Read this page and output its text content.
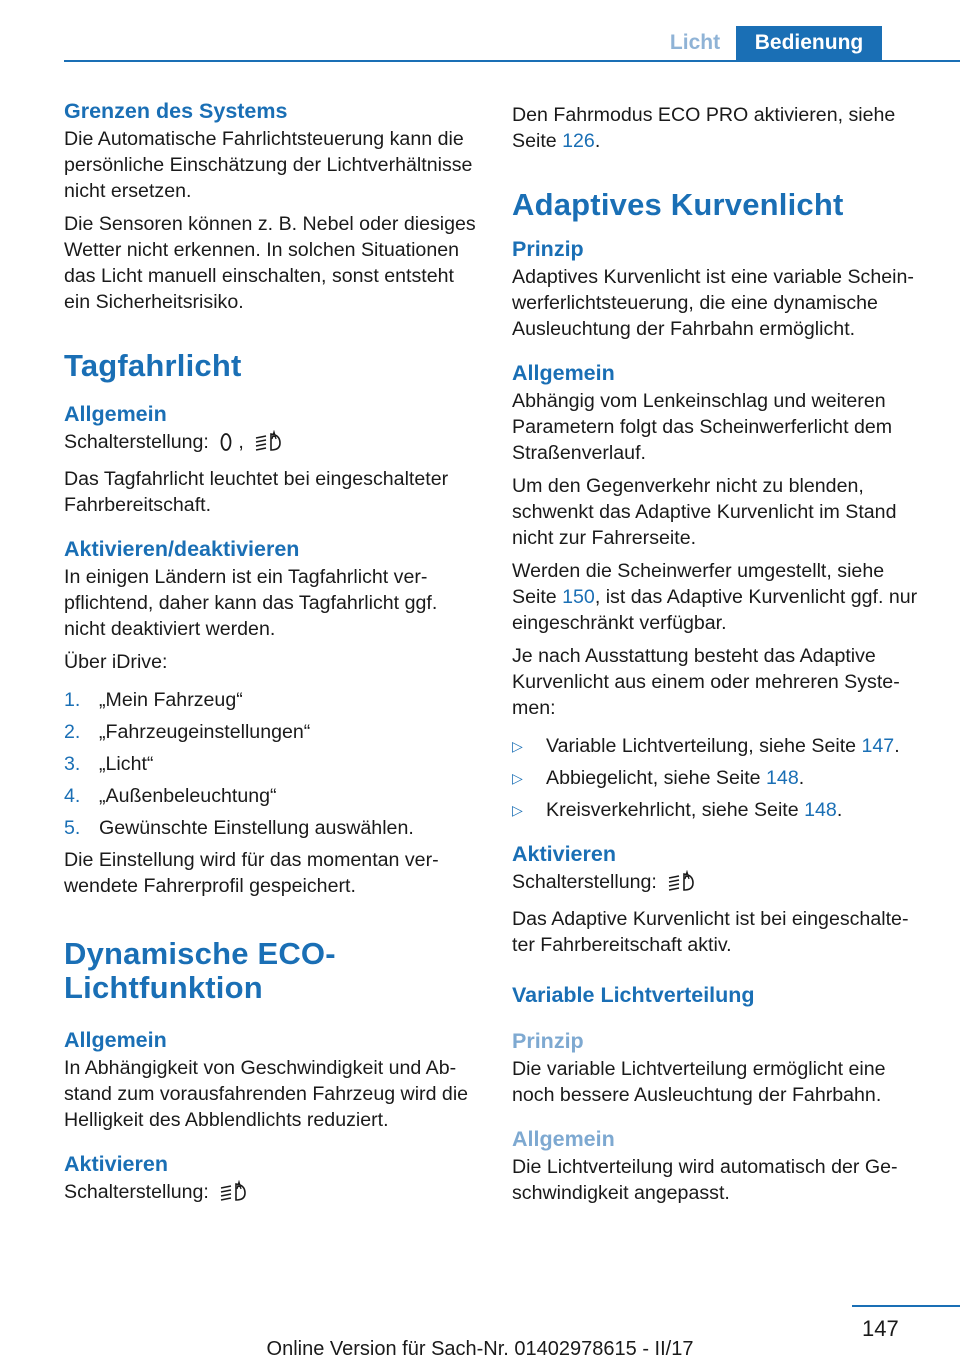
Licht	Bedienung
Grenzen des Systems

Die Automatische Fahrlichtsteuerung kann die persönliche Einschätzung der Lichtverhältnisse nicht ersetzen.

Die Sensoren können z. B. Nebel oder diesiges Wetter nicht erkennen. In solchen Situationen das Licht manuell einschalten, sonst entsteht ein Sicherheitsrisiko.

Tagfahrlicht
Allgemein

Schalterstellung: ,

Das Tagfahrlicht leuchtet bei eingeschalteter Fahrbereitschaft.

Aktivieren/deaktivieren

In einigen Ländern ist ein Tagfahrlicht verpflichtend, daher kann das Tagfahrlicht ggf. nicht deaktiviert werden.

Über iDrive:

1. „Mein Fahrzeug“
2. „Fahrzeugeinstellungen“
3. „Licht“
4. „Außenbeleuchtung“
5. Gewünschte Einstellung auswählen.

Die Einstellung wird für das momentan verwendete Fahrerprofil gespeichert.

Dynamische ECO-Lichtfunktion
Allgemein

In Abhängigkeit von Geschwindigkeit und Abstand zum vorausfahrenden Fahrzeug wird die Helligkeit des Abblendlichts reduziert.

Aktivieren

Schalterstellung:

Den Fahrmodus ECO PRO aktivieren, siehe Seite 126.

Adaptives Kurvenlicht
Prinzip

Adaptives Kurvenlicht ist eine variable Scheinwerferlichtsteuerung, die eine dynamische Ausleuchtung der Fahrbahn ermöglicht.

Allgemein

Abhängig vom Lenkeinschlag und weiteren Parametern folgt das Scheinwerferlicht dem Straßenverlauf.

Um den Gegenverkehr nicht zu blenden, schwenkt das Adaptive Kurvenlicht im Stand nicht zur Fahrerseite.

Werden die Scheinwerfer umgestellt, siehe Seite 150, ist das Adaptive Kurvenlicht ggf. nur eingeschränkt verfügbar.

Je nach Ausstattung besteht das Adaptive Kurvenlicht aus einem oder mehreren Systemen:

▷	Variable Lichtverteilung, siehe Seite 147.
▷	Abbiegelicht, siehe Seite 148.
▷	Kreisverkehrlicht, siehe Seite 148.
Aktivieren

Schalterstellung:

Das Adaptive Kurvenlicht ist bei eingeschalteter Fahrbereitschaft aktiv.

Variable Lichtverteilung
Prinzip

Die variable Lichtverteilung ermöglicht eine noch bessere Ausleuchtung der Fahrbahn.

Allgemein

Die Lichtverteilung wird automatisch der Geschwindigkeit angepasst.

147
Online Version für Sach-Nr. 01402978615 - II/17
